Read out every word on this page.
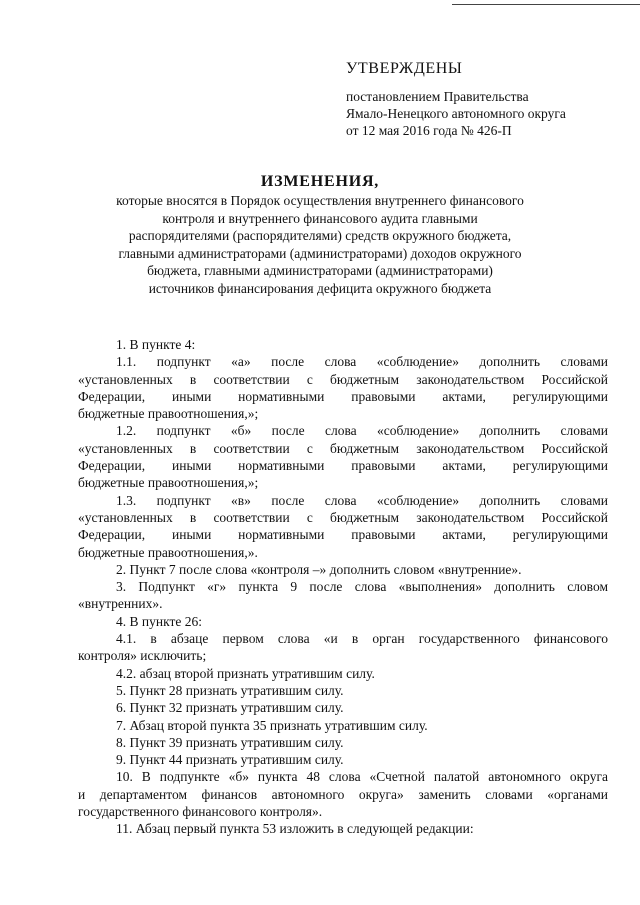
УТВЕРЖДЕНЫ
постановлением Правительства
Ямало-Ненецкого автономного округа
от 12 мая 2016 года № 426-П
ИЗМЕНЕНИЯ,
которые вносятся в Порядок осуществления внутреннего финансового
контроля и внутреннего финансового аудита главными
распорядителями (распорядителями) средств окружного бюджета,
главными администраторами (администраторами) доходов окружного
бюджета, главными администраторами (администраторами)
источников финансирования дефицита окружного бюджета
1. В пункте 4:
1.1. подпункт «а» после слова «соблюдение» дополнить словами
«установленных в соответствии с бюджетным законодательством Российской
Федерации, иными нормативными правовыми актами, регулирующими
бюджетные правоотношения,»;
1.2. подпункт «б» после слова «соблюдение» дополнить словами
«установленных в соответствии с бюджетным законодательством Российской
Федерации, иными нормативными правовыми актами, регулирующими
бюджетные правоотношения,»;
1.3. подпункт «в» после слова «соблюдение» дополнить словами
«установленных в соответствии с бюджетным законодательством Российской
Федерации, иными нормативными правовыми актами, регулирующими
бюджетные правоотношения,».
2. Пункт 7 после слова «контроля –» дополнить словом «внутренние».
3. Подпункт «г» пункта 9 после слова «выполнения» дополнить словом
«внутренних».
4. В пункте 26:
4.1. в абзаце первом слова «и в орган государственного финансового
контроля» исключить;
4.2. абзац второй признать утратившим силу.
5. Пункт 28 признать утратившим силу.
6. Пункт 32 признать утратившим силу.
7. Абзац второй пункта 35 признать утратившим силу.
8. Пункт 39 признать утратившим силу.
9. Пункт 44 признать утратившим силу.
10. В подпункте «б» пункта 48 слова «Счетной палатой автономного округа
и департаментом финансов автономного округа» заменить словами «органами
государственного финансового контроля».
11. Абзац первый пункта 53 изложить в следующей редакции:
